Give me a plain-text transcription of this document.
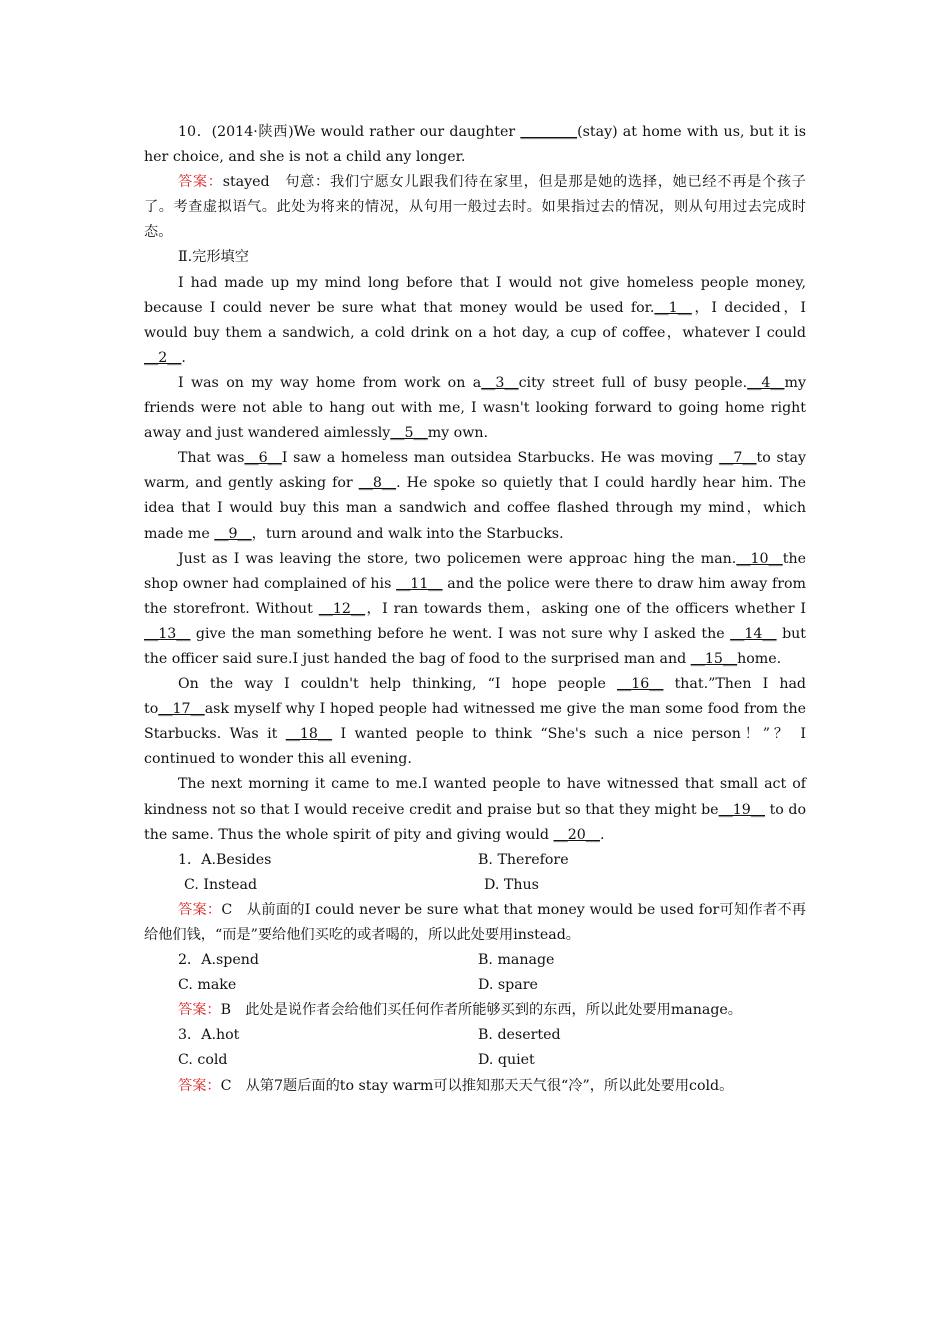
10．(2014·陕西)We would rather our daughter ________(stay) at home with us, but it is her choice, and she is not a child any longer.

答案：stayed　句意：我们宁愿女儿跟我们待在家里，但是那是她的选择，她已经不再是个孩子了。考查虚拟语气。此处为将来的情况，从句用一般过去时。如果指过去的情况，则从句用过去完成时态。

Ⅱ.完形填空

I had made up my mind long before that I would not give homeless people money, because I could never be sure what that money would be used for.__1__，I decided，I would buy them a sandwich, a cold drink on a hot day, a cup of coffee，whatever I could __2__.

I was on my way home from work on a__3__city street full of busy people.__4__my friends were not able to hang out with me, I wasn't looking forward to going home right away and just wandered aimlessly__5__my own.

That was__6__I saw a homeless man outsidea Starbucks. He was moving __7__to stay warm, and gently asking for __8__. He spoke so quietly that I could hardly hear him. The idea that I would buy this man a sandwich and coffee flashed through my mind，which made me __9__，turn around and walk into the Starbucks.

Just as I was leaving the store, two policemen were approac hing the man.__10__the shop owner had complained of his __11__ and the police were there to draw him away from the storefront. Without __12__，I ran towards them，asking one of the officers whether I __13__ give the man something before he went. I was not sure why I asked the __14__ but the officer said sure.I just handed the bag of food to the surprised man and __15__home.

On the way I couldn't help thinking, “I hope people __16__ that.”Then I had to__17__ask myself why I hoped people had witnessed me give the man some food from the Starbucks. Was it __18__ I wanted people to think “She's such a nice person！”？ I continued to wonder this all evening.

The next morning it came to me.I wanted people to have witnessed that small act of kindness not so that I would receive credit and praise but so that they might be__19__ to do the same. Thus the whole spirit of pity and giving would __20__.

1．A.Besides	B. Therefore
C. Instead	D. Thus

答案：C　从前面的I could never be sure what that money would be used for可知作者不再给他们钱，“而是”要给他们买吃的或者喝的，所以此处要用instead。

2．A.spend	B. manage
C. make	D. spare

答案：B　此处是说作者会给他们买任何作者所能够买到的东西，所以此处要用manage。

3．A.hot	B. deserted
C. cold	D. quiet

答案：C　从第7题后面的to stay warm可以推知那天天气很“冷”，所以此处要用cold。
